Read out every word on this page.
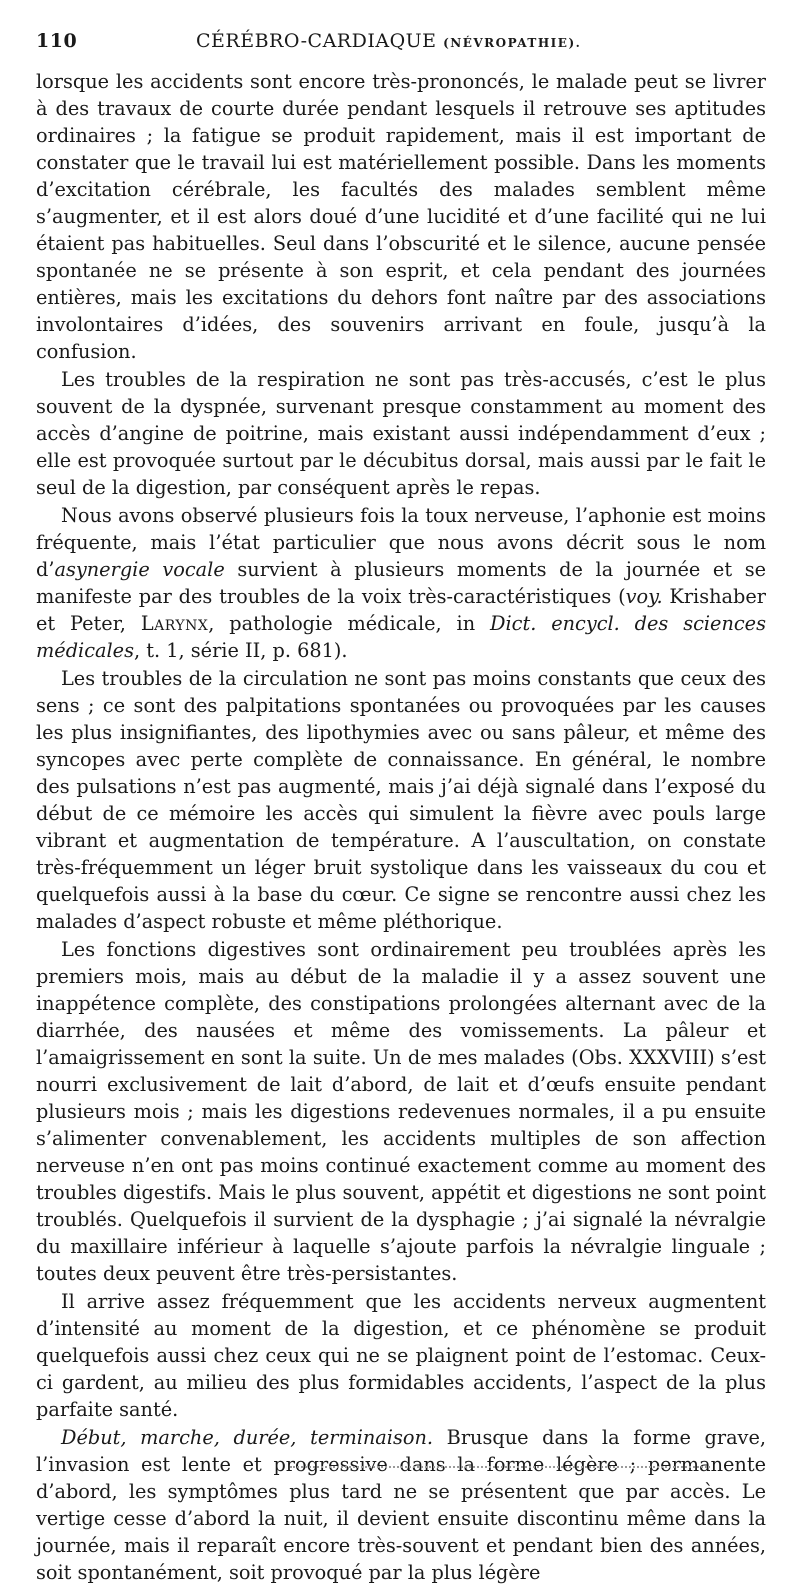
110	CÉRÉBRO-CARDIAQUE
(NÉVROPATHIE).

lorsque les accidents sont encore très-prononcés, le malade peut se livrer à des travaux de courte durée pendant lesquels il retrouve ses aptitudes ordinaires ; la fatigue se produit rapidement, mais il est important de constater que le travail lui est matériellement possible. Dans les moments d’excitation cérébrale, les facultés des malades semblent même s’augmenter, et il est alors doué d’une lucidité et d’une facilité qui ne lui étaient pas habituelles. Seul dans l’obscurité et le silence, aucune pensée spontanée ne se présente à son esprit, et cela pendant des journées entières, mais les excitations du dehors font naître par des associations involontaires d’idées, des souvenirs arrivant en foule, jusqu’à la confusion.

Les troubles de la respiration ne sont pas très-accusés, c’est le plus souvent de la dyspnée, survenant presque constamment au moment des accès d’angine de poitrine, mais existant aussi indépendamment d’eux ; elle est provoquée surtout par le décubitus dorsal, mais aussi par le fait le seul de la digestion, par conséquent après le repas.

Nous avons observé plusieurs fois la toux nerveuse, l’aphonie est moins fréquente, mais l’état particulier que nous avons décrit sous le nom d’asynergie vocale survient à plusieurs moments de la journée et se manifeste par des troubles de la voix très-caractéristiques (voy. Krishaber et Peter, Larynx, pathologie médicale, in Dict. encycl. des sciences médicales, t. 1, série II, p. 681).

Les troubles de la circulation ne sont pas moins constants que ceux des sens ; ce sont des palpitations spontanées ou provoquées par les causes les plus insignifiantes, des lipothymies avec ou sans pâleur, et même des syncopes avec perte complète de connaissance. En général, le nombre des pulsations n’est pas augmenté, mais j’ai déjà signalé dans l’exposé du début de ce mémoire les accès qui simulent la fièvre avec pouls large vibrant et augmentation de température. A l’auscultation, on constate très-fréquemment un léger bruit systolique dans les vaisseaux du cou et quelquefois aussi à la base du cœur. Ce signe se rencontre aussi chez les malades d’aspect robuste et même pléthorique.

Les fonctions digestives sont ordinairement peu troublées après les premiers mois, mais au début de la maladie il y a assez souvent une inappétence complète, des constipations prolongées alternant avec de la diarrhée, des nausées et même des vomissements. La pâleur et l’amaigrissement en sont la suite. Un de mes malades (Obs. XXXVIII) s’est nourri exclusivement de lait d’abord, de lait et d’œufs ensuite pendant plusieurs mois ; mais les digestions redevenues normales, il a pu ensuite s’alimenter convenablement, les accidents multiples de son affection nerveuse n’en ont pas moins continué exactement comme au moment des troubles digestifs. Mais le plus souvent, appétit et digestions ne sont point troublés. Quelquefois il survient de la dysphagie ; j’ai signalé la névralgie du maxillaire inférieur à laquelle s’ajoute parfois la névralgie linguale ; toutes deux peuvent être très-persistantes.

Il arrive assez fréquemment que les accidents nerveux augmentent d’intensité au moment de la digestion, et ce phénomène se produit quelquefois aussi chez ceux qui ne se plaignent point de l’estomac. Ceux-ci gardent, au milieu des plus formidables accidents, l’aspect de la plus parfaite santé.

Début, marche, durée, terminaison. Brusque dans la forme grave, l’invasion est lente et progressive dans la forme légère ; permanente d’abord, les symptômes plus tard ne se présentent que par accès. Le vertige cesse d’abord la nuit, il devient ensuite discontinu même dans la journée, mais il reparaît encore très-souvent et pendant bien des années, soit spontanément, soit provoqué par la plus légère
